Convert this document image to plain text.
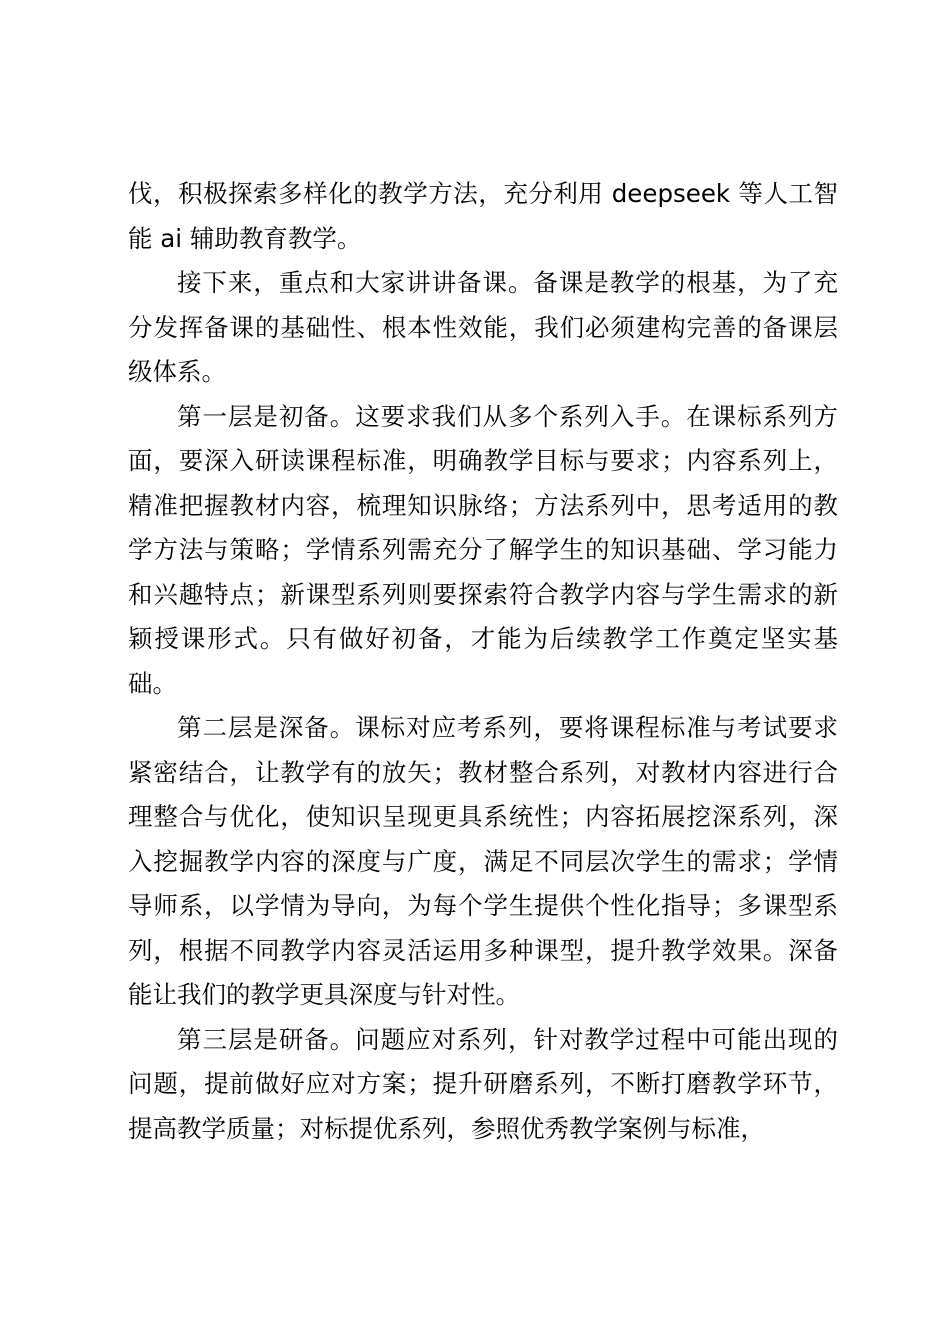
伐，积极探索多样化的教学方法，充分利用 deepseek 等人工智能 ai 辅助教育教学。

接下来，重点和大家讲讲备课。备课是教学的根基，为了充分发挥备课的基础性、根本性效能，我们必须建构完善的备课层级体系。

第一层是初备。这要求我们从多个系列入手。在课标系列方面，要深入研读课程标准，明确教学目标与要求；内容系列上，精准把握教材内容，梳理知识脉络；方法系列中，思考适用的教学方法与策略；学情系列需充分了解学生的知识基础、学习能力和兴趣特点；新课型系列则要探索符合教学内容与学生需求的新颖授课形式。只有做好初备，才能为后续教学工作奠定坚实基础。

第二层是深备。课标对应考系列，要将课程标准与考试要求紧密结合，让教学有的放矢；教材整合系列，对教材内容进行合理整合与优化，使知识呈现更具系统性；内容拓展挖深系列，深入挖掘教学内容的深度与广度，满足不同层次学生的需求；学情导师系，以学情为导向，为每个学生提供个性化指导；多课型系列，根据不同教学内容灵活运用多种课型，提升教学效果。深备能让我们的教学更具深度与针对性。

第三层是研备。问题应对系列，针对教学过程中可能出现的问题，提前做好应对方案；提升研磨系列，不断打磨教学环节，提高教学质量；对标提优系列，参照优秀教学案例与标准，
